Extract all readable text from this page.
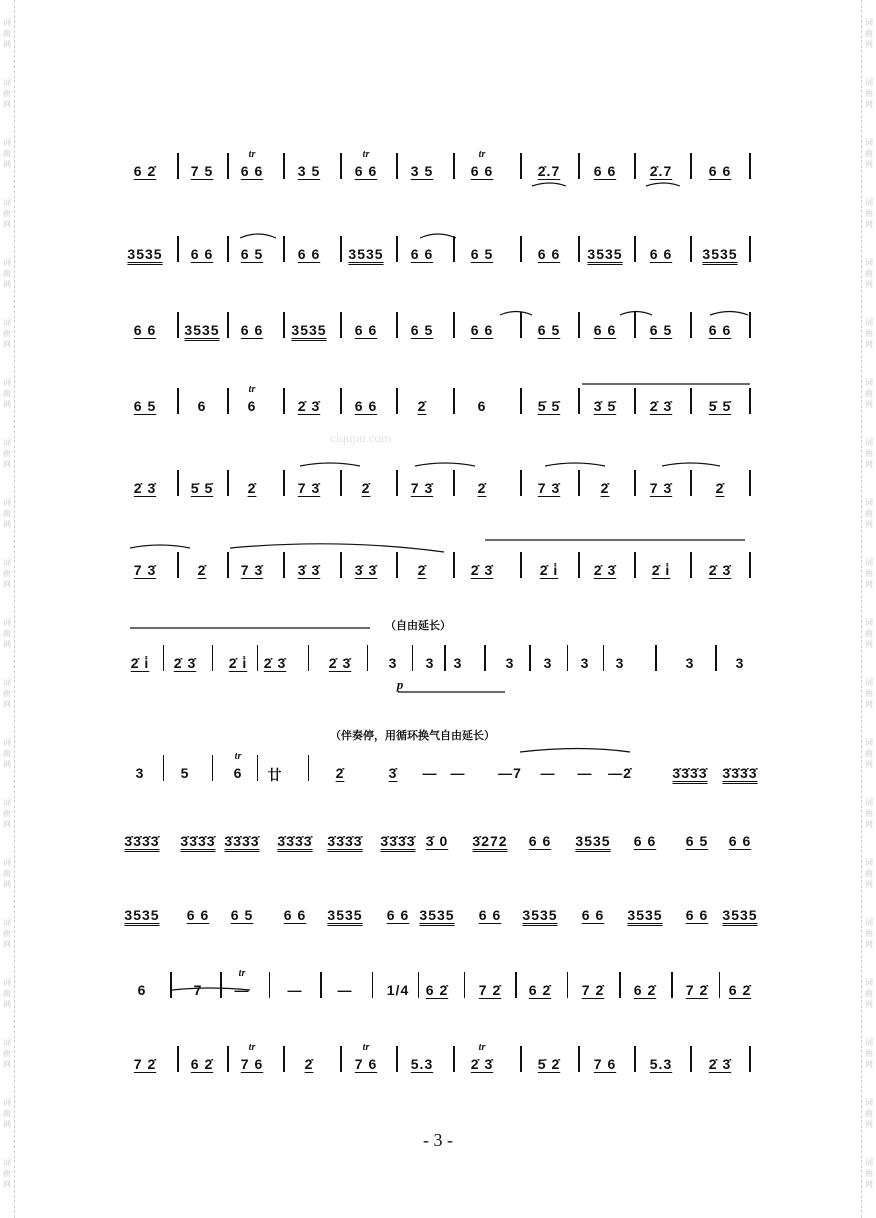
6 2̇ 7 5 6 6 3 5 6 6 3 5	6 6	2̇.7 6 6 2̇.7	6 6
tr	tr	tr
3535 6 6 6 5 6 6 3535 6 6	6 5	6 6 3535 6 6 3535
6 6 3535 6 6 3535 6 6 6 5	6 6	6 5 6 6 6 5	6 6
6 5	6	6	2̇ 3̇ 6 6	2̇	6	5̇ 5̇ 3̇ 5̇ 2̇ 3̇	5̇ 5̇
tr
2̇ 3̇ 5̇ 5̇ 2̇	7 3̇	2̇	7 3̇	2̇	7 3̇	2̇	7 3̇	2̇
7 3̇	2̇ 7 3̇ 3̇ 3̇ 3̇ 3̇	2̇	2̇ 3̇	2̇ i̇	2̇ 3̇	2̇ i̇	2̇ 3̇
2̇ i̇ 2̇ 3̇ 2̇ i̇ 2̇ 3̇	2̇ 3̇	3 3 3	3 3 3 3	3	3
（自由延长）
p
3	5	6 廿	2̇	3̇ — — —7 — — —2̇	3̇3̇3̇3̇ 3̇3̇3̇3̇
tr
（伴奏停，用循环换气自由延长）
3̇3̇3̇3̇ 3̇3̇3̇3̇ 3̇3̇3̇3̇ 3̇3̇3̇3̇ 3̇3̇3̇3̇ 3̇3̇3̇3̇ 3̇ 0 3̇272 6 6 3535 6 6 6 5 6 6
3535 6 6 6 5 6 6 3535 6 6 3535 6 6 3535 6 6 3535 6 6 3535
6	7 —	—	— 1/4 6 2̇ 7 2̇ 6 2̇ 7 2̇ 6 2̇ 7 2̇ 6 2̇
tr
7 2̇ 6 2̇ 7 6	2̇	7 6 5.3	2̇ 3̇	5̇ 2̇ 7 6 5.3	2̇ 3̇
tr	tr	tr
- 3 -
词
曲
网
词
曲
网
词
曲
网
词
曲
网
词
曲
网
词
曲
网
词
曲
网
词
曲
网
词
曲
网
词
曲
网
词
曲
网
词
曲
网
词
曲
网
词
曲
网
词
曲
网
词
曲
网
词
曲
网
词
曲
网
词
曲
网
词
曲
网
词
曲
网
词
曲
网
词
曲
网
词
曲
网
词
曲
网
词
曲
网
词
曲
网
词
曲
网
词
曲
网
词
曲
网
词
曲
网
词
曲
网
词
曲
网
词
曲
网
词
曲
网
词
曲
网
词
曲
网
词
曲
网
词
曲
网
词
曲
网
ciqupu.com
